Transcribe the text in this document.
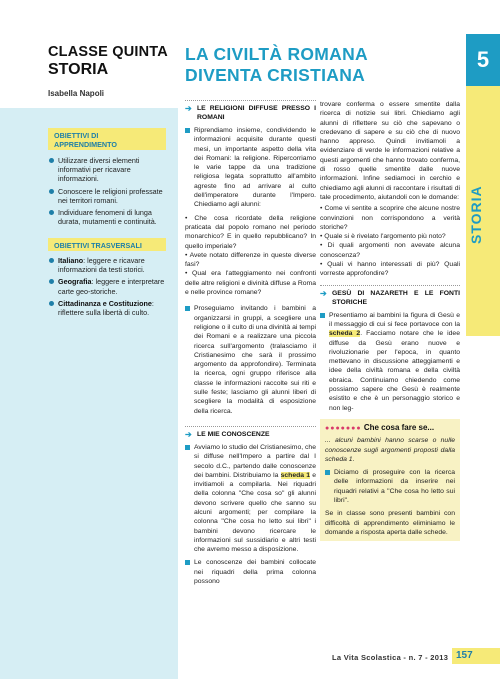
CLASSE QUINTA
STORIA
Isabella Napoli
OBIETTIVI DI APPRENDIMENTO
Utilizzare diversi elementi informativi per ricavare informazioni.
Conoscere le religioni professate nei territori romani.
Individuare fenomeni di lunga durata, mutamenti e continuità.
OBIETTIVI TRASVERSALI
Italiano: leggere e ricavare informazioni da testi storici.
Geografia: leggere e interpretare carte geo-storiche.
Cittadinanza e Costituzione: riflettere sulla libertà di culto.
LA CIVILTÀ ROMANA
DIVENTA CRISTIANA
5
STORIA
➔ LE RELIGIONI DIFFUSE PRESSO I ROMANI
Riprendiamo insieme, condividendo le informazioni acquisite durante questi mesi, un importante aspetto della vita dei Romani: la religione. Ripercorriamo le varie tappe da una tradizione religiosa legata soprattutto all'ambito agreste fino ad arrivare al culto dell'imperatore durante l'Impero. Chiediamo agli alunni:
• Che cosa ricordate della religione praticata dal popolo romano nel periodo monarchico? E in quello repubblicano? In quello imperiale?
• Avete notato differenze in queste diverse fasi?
• Qual era l'atteggiamento nei confronti delle altre religioni e divinità diffuse a Roma e nelle province romane?
Proseguiamo invitando i bambini a organizzarsi in gruppi, a scegliere una religione o il culto di una divinità ai tempi dei Romani e a realizzare una piccola ricerca sull'argomento (tralasciamo il Cristianesimo che sarà il prossimo argomento da approfondire). Terminata la ricerca, ogni gruppo riferisce alla classe le informazioni raccolte sui riti e sulle feste; lasciamo gli alunni liberi di scegliere la modalità di esposizione della ricerca.
➔ LE MIE CONOSCENZE
Avviamo lo studio del Cristianesimo, che si diffuse nell'Impero a partire dal I secolo d.C., partendo dalle conoscenze dei bambini. Distribuiamo la scheda 1 e invitiamoli a compilarla. Nei riquadri della colonna "Che cosa so" gli alunni devono scrivere quello che sanno su alcuni argomenti; per compilare la colonna "Che cosa ho letto sui libri" i bambini devono ricercare le informazioni sul sussidiario e altri testi che avremo messo a disposizione.
Le conoscenze dei bambini collocate nei riquadri della prima colonna possono
trovare conferma o essere smentite dalla ricerca di notizie sui libri. Chiediamo agli alunni di riflettere su ciò che sapevano o credevano di sapere e su ciò che di nuovo hanno appreso. Quindi invitiamoli a evidenziare di verde le informazioni relative a questi argomenti che hanno trovato conferma, di rosso quelle smentite dalle nuove informazioni. Infine sediamoci in cerchio e chiediamo agli alunni di raccontare i risultati di tale procedimento, aiutandoli con le domande:
• Come vi sentite a scoprire che alcune nostre convinzioni non corrispondono a verità storiche?
• Quale si è rivelato l'argomento più noto?
• Di quali argomenti non avevate alcuna conoscenza?
• Quali vi hanno interessati di più? Quali vorreste approfondire?
➔ GESÙ DI NAZARETH E LE FONTI STORICHE
Presentiamo ai bambini la figura di Gesù e il messaggio di cui si fece portavoce con la scheda 2. Facciamo notare che le idee diffuse da Gesù erano nuove e rivoluzionarie per l'epoca, in quanto mettevano in discussione atteggiamenti e idee della civiltà romana e della civiltà ebraica. Continuiamo chiedendo come possiamo sapere che Gesù è realmente esistito e che è un personaggio storico e non leg-
●●●●●●● Che cosa fare se...
... alcuni bambini hanno scarse o nulle conoscenze sugli argomenti proposti dalla scheda 1.
Diciamo di proseguire con la ricerca delle informazioni da inserire nei riquadri relativi a "Che cosa ho letto sui libri".
Se in classe sono presenti bambini con difficoltà di apprendimento eliminiamo le domande a risposta aperta dalle schede.
La Vita Scolastica - n. 7 - 2013 157
